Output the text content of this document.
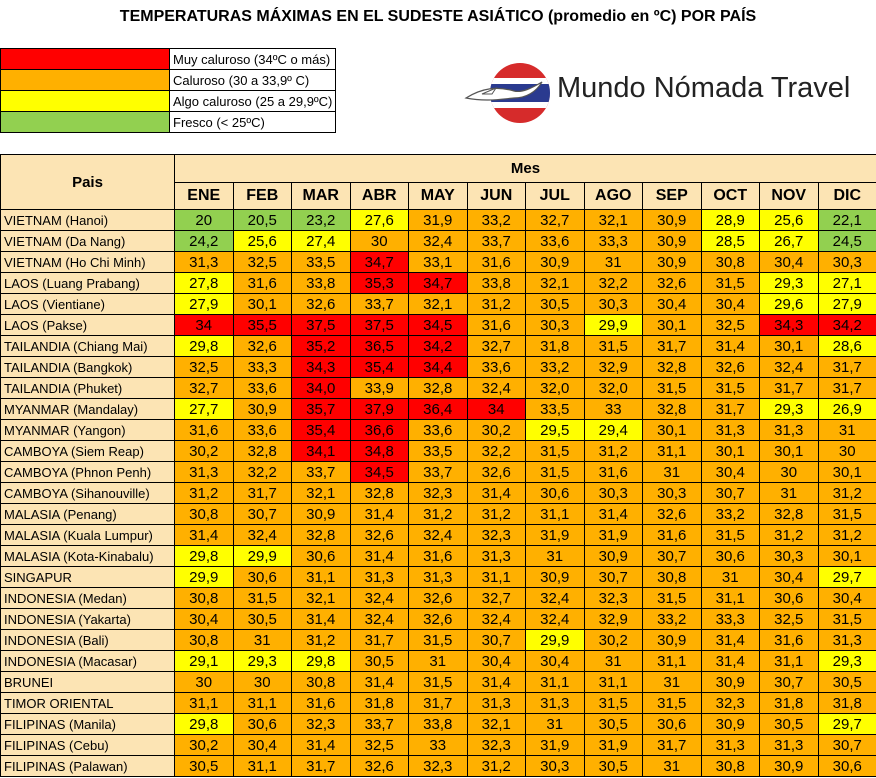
TEMPERATURAS MÁXIMAS EN EL SUDESTE ASIÁTICO (promedio en ºC) POR PAÍS
	Muy caluroso (34ºC o más)
	Caluroso (30 a 33,9º C)
	Algo caluroso (25 a 29,9ºC)
	Fresco (< 25ºC)
Mundo Nómada Travel
Pais	Mes											
	ENE	FEB	MAR	ABR	MAY	JUN	JUL	AGO	SEP	OCT	NOV	DIC
VIETNAM (Hanoi)	20	20,5	23,2	27,6	31,9	33,2	32,7	32,1	30,9	28,9	25,6	22,1
VIETNAM (Da Nang)	24,2	25,6	27,4	30	32,4	33,7	33,6	33,3	30,9	28,5	26,7	24,5
VIETNAM (Ho Chi Minh)	31,3	32,5	33,5	34,7	33,1	31,6	30,9	31	30,9	30,8	30,4	30,3
LAOS (Luang Prabang)	27,8	31,6	33,8	35,3	34,7	33,8	32,1	32,2	32,6	31,5	29,3	27,1
LAOS (Vientiane)	27,9	30,1	32,6	33,7	32,1	31,2	30,5	30,3	30,4	30,4	29,6	27,9
LAOS (Pakse)	34	35,5	37,5	37,5	34,5	31,6	30,3	29,9	30,1	32,5	34,3	34,2
TAILANDIA (Chiang Mai)	29,8	32,6	35,2	36,5	34,2	32,7	31,8	31,5	31,7	31,4	30,1	28,6
TAILANDIA (Bangkok)	32,5	33,3	34,3	35,4	34,4	33,6	33,2	32,9	32,8	32,6	32,4	31,7
TAILANDIA (Phuket)	32,7	33,6	34,0	33,9	32,8	32,4	32,0	32,0	31,5	31,5	31,7	31,7
MYANMAR (Mandalay)	27,7	30,9	35,7	37,9	36,4	34	33,5	33	32,8	31,7	29,3	26,9
MYANMAR (Yangon)	31,6	33,6	35,4	36,6	33,6	30,2	29,5	29,4	30,1	31,3	31,3	31
CAMBOYA (Siem Reap)	30,2	32,8	34,1	34,8	33,5	32,2	31,5	31,2	31,1	30,1	30,1	30
CAMBOYA (Phnon Penh)	31,3	32,2	33,7	34,5	33,7	32,6	31,5	31,6	31	30,4	30	30,1
CAMBOYA (Sihanouville)	31,2	31,7	32,1	32,8	32,3	31,4	30,6	30,3	30,3	30,7	31	31,2
MALASIA (Penang)	30,8	30,7	30,9	31,4	31,2	31,2	31,1	31,4	32,6	33,2	32,8	31,5
MALASIA (Kuala Lumpur)	31,4	32,4	32,8	32,6	32,4	32,3	31,9	31,9	31,6	31,5	31,2	31,2
MALASIA (Kota-Kinabalu)	29,8	29,9	30,6	31,4	31,6	31,3	31	30,9	30,7	30,6	30,3	30,1
SINGAPUR	29,9	30,6	31,1	31,3	31,3	31,1	30,9	30,7	30,8	31	30,4	29,7
INDONESIA (Medan)	30,8	31,5	32,1	32,4	32,6	32,7	32,4	32,3	31,5	31,1	30,6	30,4
INDONESIA (Yakarta)	30,4	30,5	31,4	32,4	32,6	32,4	32,4	32,9	33,2	33,3	32,5	31,5
INDONESIA (Bali)	30,8	31	31,2	31,7	31,5	30,7	29,9	30,2	30,9	31,4	31,6	31,3
INDONESIA (Macasar)	29,1	29,3	29,8	30,5	31	30,4	30,4	31	31,1	31,4	31,1	29,3
BRUNEI	30	30	30,8	31,4	31,5	31,4	31,1	31,1	31	30,9	30,7	30,5
TIMOR ORIENTAL	31,1	31,1	31,6	31,8	31,7	31,3	31,3	31,5	31,5	32,3	31,8	31,8
FILIPINAS (Manila)	29,8	30,6	32,3	33,7	33,8	32,1	31	30,5	30,6	30,9	30,5	29,7
FILIPINAS (Cebu)	30,2	30,4	31,4	32,5	33	32,3	31,9	31,9	31,7	31,3	31,3	30,7
FILIPINAS (Palawan)	30,5	31,1	31,7	32,6	32,3	31,2	30,3	30,5	31	30,8	30,9	30,6
